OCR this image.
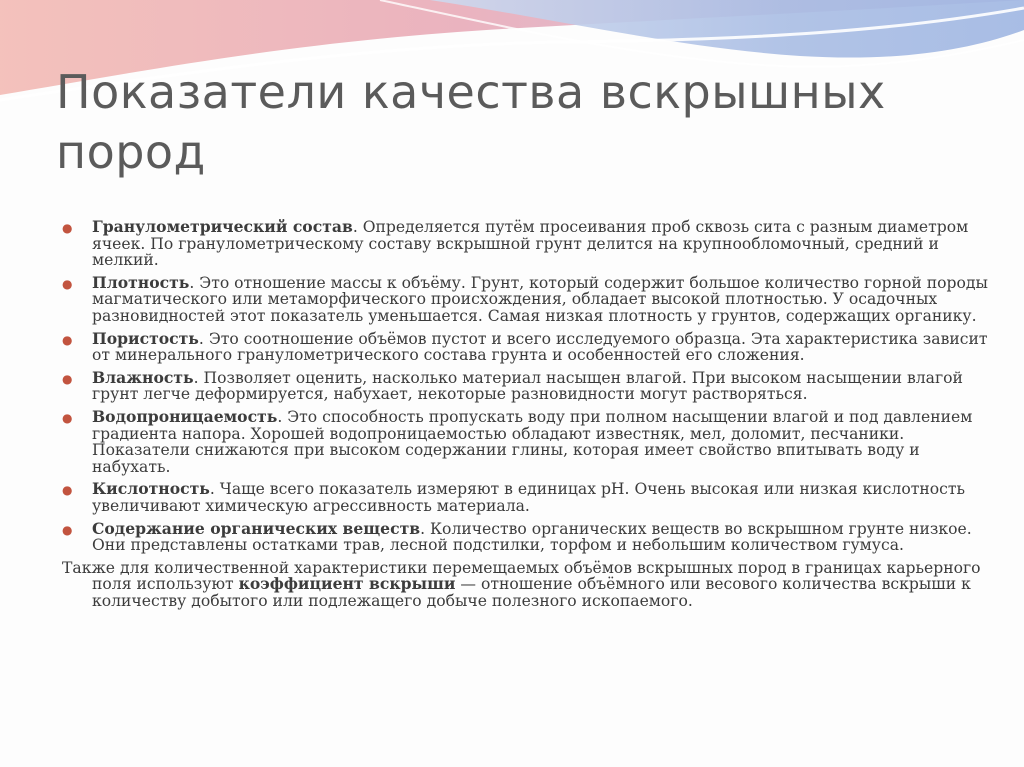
Показатели качества вскрышных пород
● Гранулометрический состав. Определяется путём просеивания проб сквозь сита с разным диаметром ячеек. По гранулометрическому составу вскрышной грунт делится на крупнообломочный, средний и мелкий.
● Плотность. Это отношение массы к объёму. Грунт, который содержит большое количество горной породы магматического или метаморфического происхождения, обладает высокой плотностью. У осадочных разновидностей этот показатель уменьшается. Самая низкая плотность у грунтов, содержащих органику.
● Пористость. Это соотношение объёмов пустот и всего исследуемого образца. Эта характеристика зависит от минерального гранулометрического состава грунта и особенностей его сложения.
● Влажность. Позволяет оценить, насколько материал насыщен влагой. При высоком насыщении влагой грунт легче деформируется, набухает, некоторые разновидности могут растворяться.
● Водопроницаемость. Это способность пропускать воду при полном насыщении влагой и под давлением градиента напора. Хорошей водопроницаемостью обладают известняк, мел, доломит, песчаники. Показатели снижаются при высоком содержании глины, которая имеет свойство впитывать воду и набухать.
● Кислотность. Чаще всего показатель измеряют в единицах pH. Очень высокая или низкая кислотность увеличивают химическую агрессивность материала.
● Содержание органических веществ. Количество органических веществ во вскрышном грунте низкое. Они представлены остатками трав, лесной подстилки, торфом и небольшим количеством гумуса.
Также для количественной характеристики перемещаемых объёмов вскрышных пород в границах карьерного поля используют коэффициент вскрыши — отношение объёмного или весового количества вскрыши к количеству добытого или подлежащего добыче полезного ископаемого.
